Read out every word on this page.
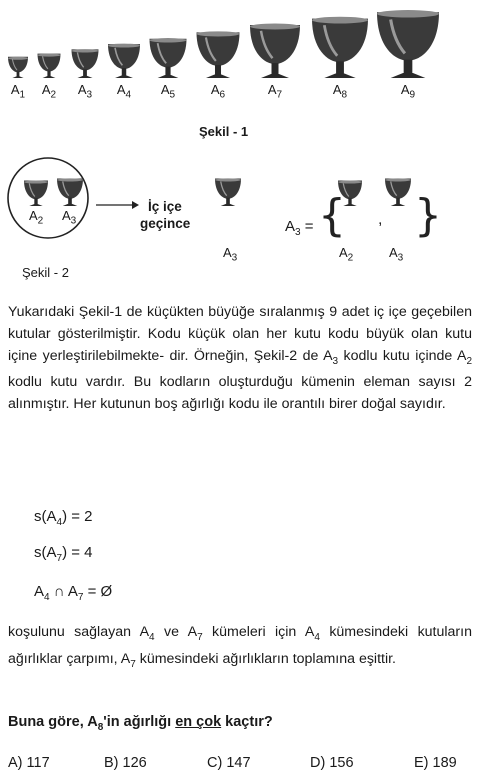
$A_1$ $A_2$ $A_3$ $A_4$ $A_5$	$A_6$	$A_7$	$A_8$	$A_9$
Şekil - 1
{ }
,
$A_2$ $A_3$
İç içe
geçince
$A_3$
$A_3$ =
$A_2$	$A_3$
Şekil - 2
Yukarıdaki Şekil-1 de küçükten büyüğe sıralanmış 9 adet iç içe geçebilen kutular gösterilmiştir. Kodu küçük olan her kutu kodu büyük olan kutu içine yerleştirilebilmekte- dir. Örneğin, Şekil-2 de $A_3$ kodlu kutu içinde $A_2$ kodlu kutu vardır. Bu kodların oluşturduğu kümenin eleman sayısı 2 alınmıştır. Her kutunun boş ağırlığı kodu ile orantılı birer doğal sayıdır.
$s(A_4) = 2$
$s(A_7) = 4$
$A_4$ ∩ $A_7$ = Ø
koşulunu sağlayan $A_4$ ve $A_7$ kümeleri için $A_4$ kümesindeki kutuların ağırlıklar çarpımı, $A_7$ kümesindeki ağırlıkların toplamına eşittir.
Buna göre, $A_8'in$ ağırlığı en çok kaçtır?
A) 117	B) 126	C) 147	D) 156	E) 189
